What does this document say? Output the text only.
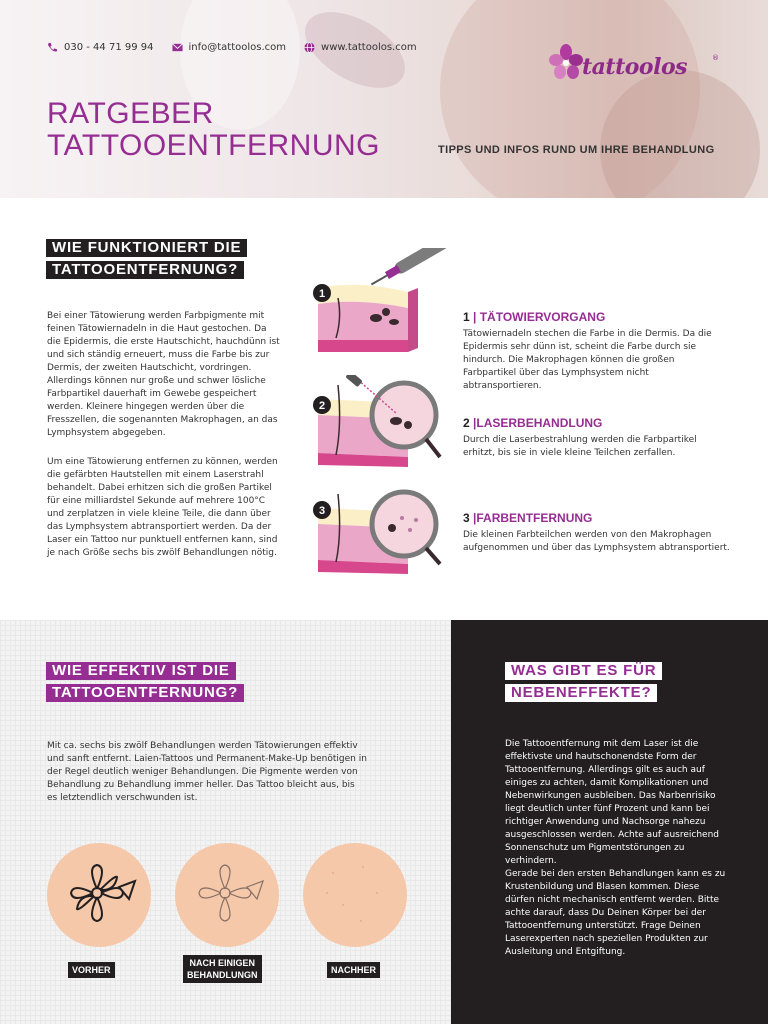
030 - 44 71 99 94	info@tattoolos.com	www.tattoolos.com
tattoolos	®
RATGEBER
TATTOOENTFERNUNG	TIPPS UND INFOS RUND UM IHRE BEHANDLUNG
WIE FUNKTIONIERT DIE
TATTOOENTFERNUNG?
Bei einer Tätowierung werden Farbpigmente mit feinen Tätowiernadeln in die Haut gestochen. Da die Epidermis, die erste Hautschicht, hauchdünn ist und sich ständig erneuert, muss die Farbe bis zur Dermis, der zweiten Hautschicht, vordringen. Allerdings können nur große und schwer lösliche Farbpartikel dauerhaft im Gewebe gespeichert werden. Kleinere hingegen werden über die Fresszellen, die sogenannten Makrophagen, an das Lymphsystem abgegeben.
Um eine Tätowierung entfernen zu können, werden die gefärbten Hautstellen mit einem Laserstrahl behandelt. Dabei erhitzen sich die großen Partikel für eine milliardstel Sekunde auf mehrere 100°C und zerplatzen in viele kleine Teile, die dann über das Lymphsystem abtransportiert werden. Da der Laser ein Tattoo nur punktuell entfernen kann, sind je nach Größe sechs bis zwölf Behandlungen nötig.
1
2
3
1 | TÄTOWIERVORGANG
Tätowiernadeln stechen die Farbe in die Dermis. Da die Epidermis sehr dünn ist, scheint die Farbe durch sie hindurch. Die Makrophagen können die großen Farbpartikel über das Lymphsystem nicht abtransportieren.
2 |LASERBEHANDLUNG
Durch die Laserbestrahlung werden die Farbpartikel erhitzt, bis sie in viele kleine Teilchen zerfallen.
3 |FARBENTFERNUNG
Die kleinen Farbteilchen werden von den Makrophagen aufgenommen und über das Lymphsystem abtransportiert.
WIE EFFEKTIV IST DIE
TATTOOENTFERNUNG?
Mit ca. sechs bis zwölf Behandlungen werden Tätowierungen effektiv und sanft entfernt. Laien-Tattoos und Permanent-Make-Up benötigen in der Regel deutlich weniger Behandlungen. Die Pigmente werden von Behandlung zu Behandlung immer heller. Das Tattoo bleicht aus, bis es letztendlich verschwunden ist.
VORHER
NACH EINIGEN
BEHANDLUNGN	NACHHER
WAS GIBT ES FÜR
NEBENEFFEKTE?
Die Tattooentfernung mit dem Laser ist die effektivste und hautschonendste Form der Tattooentfernung. Allerdings gilt es auch auf einiges zu achten, damit Komplikationen und Nebenwirkungen ausbleiben. Das Narbenrisiko liegt deutlich unter fünf Prozent und kann bei richtiger Anwendung und Nachsorge nahezu ausgeschlossen werden. Achte auf ausreichend Sonnenschutz um Pigmentstörungen zu verhindern.
Gerade bei den ersten Behandlungen kann es zu Krustenbildung und Blasen kommen. Diese dürfen nicht mechanisch entfernt werden. Bitte achte darauf, dass Du Deinen Körper bei der Tattooentfernung unterstützt. Frage Deinen Laserexperten nach speziellen Produkten zur Ausleitung und Entgiftung.
